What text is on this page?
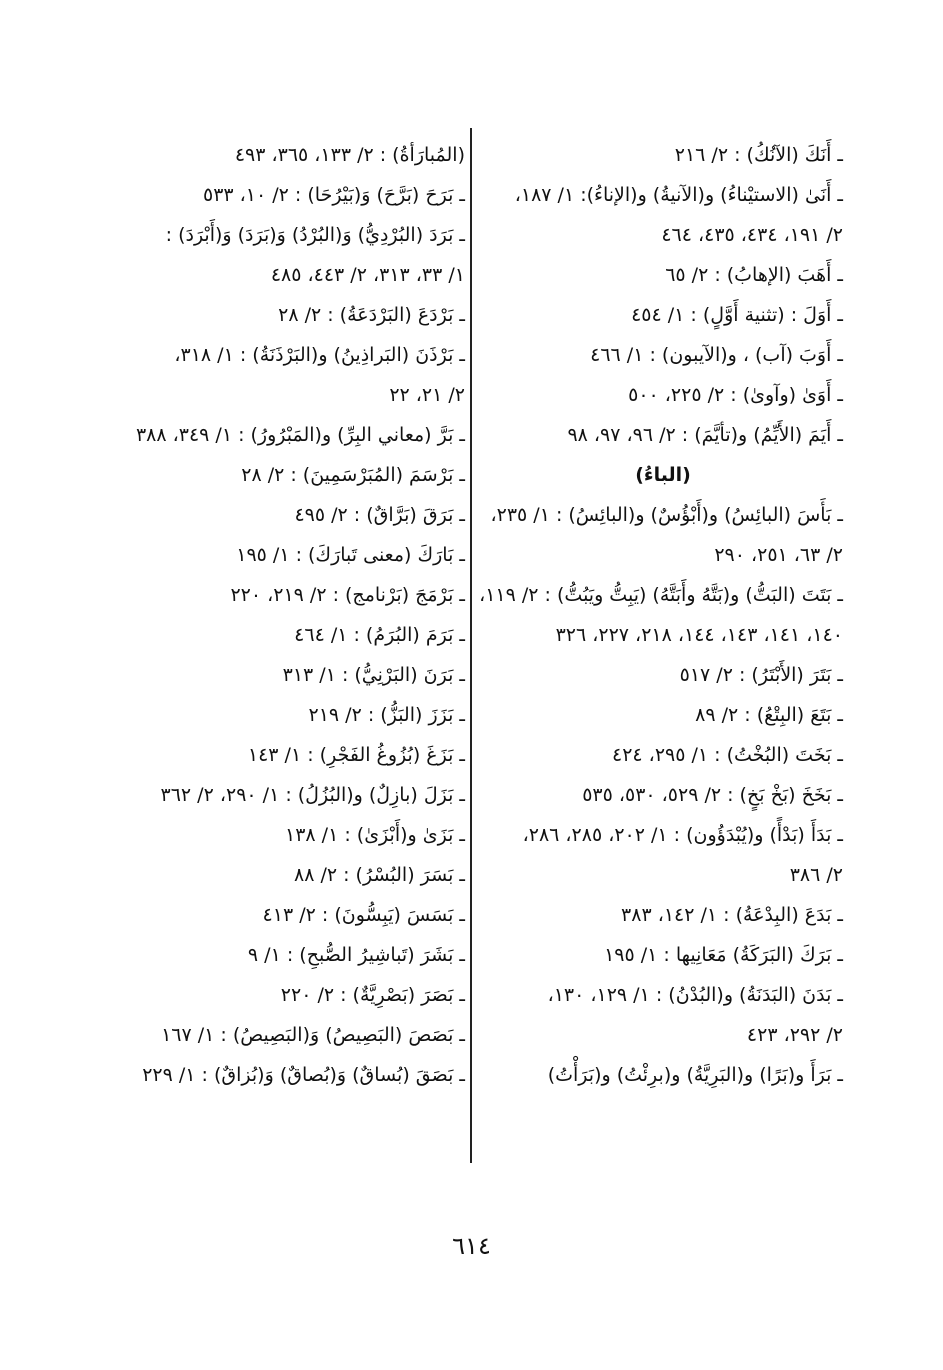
ـ أَنَكَ (الآنُكُ) : ٢/ ٢١٦
ـ أَنَىٰ (الاستيْناءُ) و(الآنيةُ) و(الإناءُ): ١/ ١٨٧،
٢/ ١٩١، ٤٣٤، ٤٣٥، ٤٦٤
ـ أَهَبَ (الإهابُ) : ٢/ ٦٥
ـ أَوَلَ : (تثنية أَوَّلٍ) : ١/ ٤٥٤
ـ أَوَبَ (آب) ، و(الآيبون) : ١/ ٤٦٦
ـ أَوَىٰ (وآوىٰ) : ٢/ ٢٢٥، ٥٠٠
ـ أَيَمَ (الأَيِّمُ) و(تأيَّمَ) : ٢/ ٩٦، ٩٧، ٩٨
(الباءُ)
ـ بَأَسَ (البائِسُ) و(أَبْؤُسٌ) و(البائِسُ) : ١/ ٢٣٥،
٢/ ٦٣، ٢٥١، ٢٩٠
ـ بَتَتَ (البَتُّ) و(بَتَّهُ وأَبَتَّهُ) (يَبِتُّ ويَبُتُّ) : ٢/ ١١٩،
١٤٠، ١٤١، ١٤٣، ١٤٤، ٢١٨، ٢٢٧، ٣٢٦
ـ بَتَرَ (الأَبْتَرُ) : ٢/ ٥١٧
ـ بَتَعَ (البِتْعُ) : ٢/ ٨٩
ـ بَخَتَ (البُخْتُ) : ١/ ٢٩٥، ٤٢٤
ـ بَخَخَ (بَخْ بَخٍ) : ٢/ ٥٢٩، ٥٣٠، ٥٣٥
ـ بَدَأَ (بَدْأً) و(يُبْدَؤُون) : ١/ ٢٠٢، ٢٨٥، ٢٨٦،
٢/ ٣٨٦
ـ بَدَعَ (البِدْعَةُ) : ١/ ١٤٢، ٣٨٣
ـ بَرَكَ (البَرَكَةُ) مَعَانِيها : ١/ ١٩٥
ـ بَدَنَ (البَدَنَةُ) و(البُدْنُ) : ١/ ١٢٩، ١٣٠،
٢/ ٢٩٢، ٤٢٣
ـ بَرَأَ و(بَرًا) و(البَرِيَّةُ) و(برِئْتُ) و(بَرَأْتُ)
(المُبارَأةُ) : ٢/ ١٣٣، ٣٦٥، ٤٩٣
ـ بَرَحَ (بَرَّحَ) وَ(بَيْرُحَا) : ٢/ ١٠، ٥٣٣
ـ بَرَدَ (البُرْدِيُّ) وَ(البُرْدُ) وَ(بَرَدَ) وَ(أَبْرَدَ) :
١/ ٣٣، ٣١٣، ٢/ ٤٤٣، ٤٨٥
ـ بَرْدَعَ (البَرْدَعَةُ) : ٢/ ٢٨
ـ بَرْذَنَ (البَراذِينُ) و(البَرْذَنَةُ) : ١/ ٣١٨،
٢/ ٢١، ٢٢
ـ بَرَّ (معاني البِرِّ) و(المَبْرُورُ) : ١/ ٣٤٩، ٣٨٨
ـ بَرْسَمَ (المُبَرْسَمِينَ) : ٢/ ٢٨
ـ بَرَقَ (بَرَّاقٌ) : ٢/ ٤٩٥
ـ بَارَكَ (معنى تَبارَكَ) : ١/ ١٩٥
ـ بَرْمَجَ (بَرْنامج) : ٢/ ٢١٩، ٢٢٠
ـ بَرَمَ (البُرَمُ) : ١/ ٤٦٤
ـ بَرَنَ (البَرْنِيُّ) : ١/ ٣١٣
ـ بَزَزَ (البَزُّ) : ٢/ ٢١٩
ـ بَزَغَ (بُزُوغُ الفَجْرِ) : ١/ ١٤٣
ـ بَزَلَ (بازِلٌ) و(البُزُلُ) : ١/ ٢٩٠، ٢/ ٣٦٢
ـ بَزَىٰ و(أَبْزَىٰ) : ١/ ١٣٨
ـ بَسَرَ (البُسْرُ) : ٢/ ٨٨
ـ بَسَسَ (يَبِسُّونَ) : ٢/ ٤١٣
ـ بَشَرَ (تَباشِيرُ الصُّبحِ) : ١/ ٩
ـ بَصَرَ (بَصْرِيَّةٌ) : ٢/ ٢٢٠
ـ بَصَصَ (البَصِيصُ) وَ(البَصِيصُ) : ١/ ١٦٧
ـ بَصَقَ (بُساقٌ) وَ(بُصاقٌ) وَ(بُزاقٌ) : ١/ ٢٢٩
٦١٤
